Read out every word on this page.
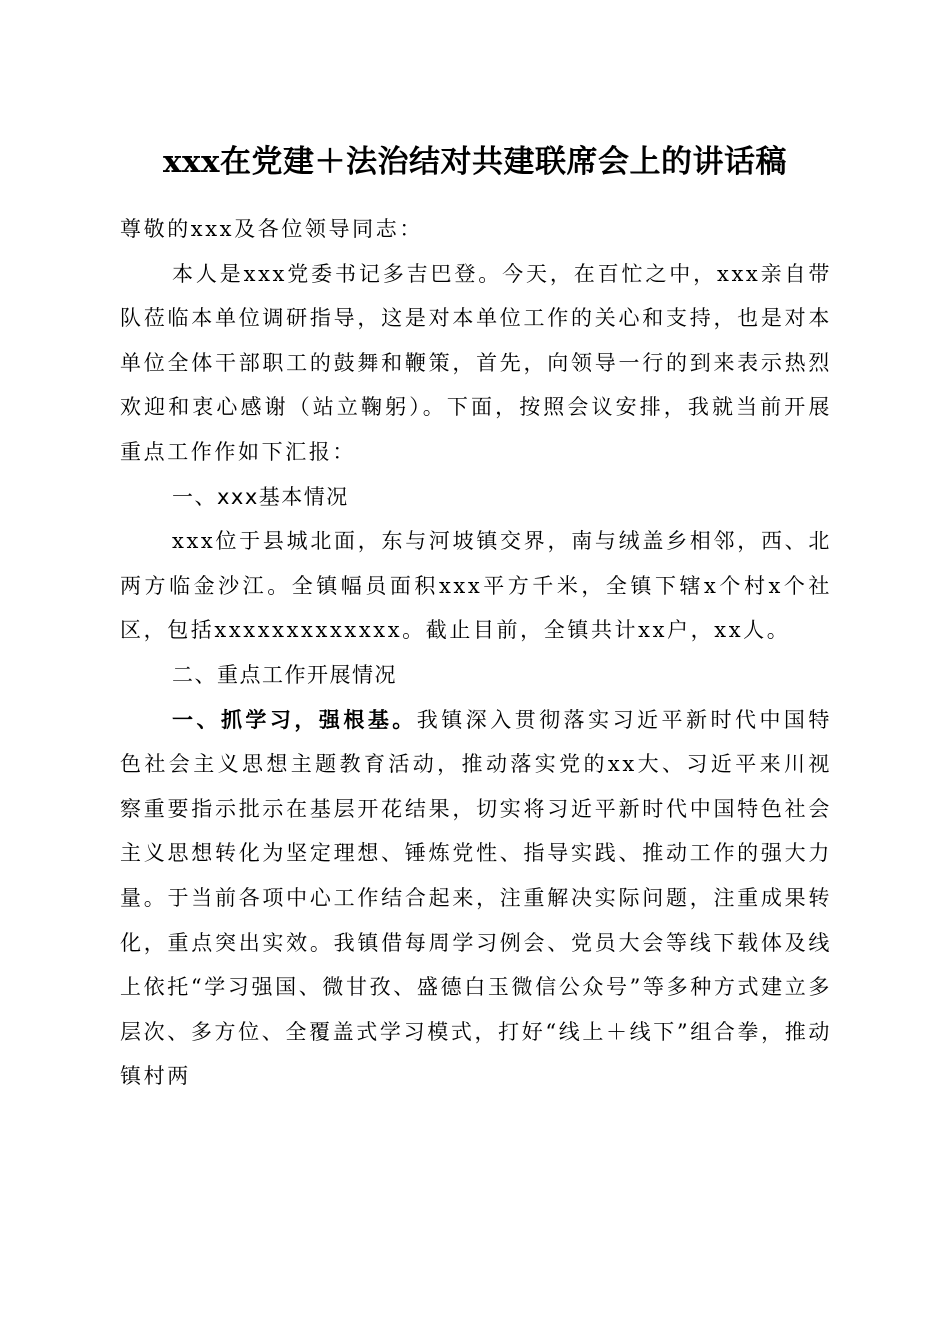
xxx在党建＋法治结对共建联席会上的讲话稿

尊敬的xxx及各位领导同志：

本人是xxx党委书记多吉巴登。今天，在百忙之中，xxx亲自带队莅临本单位调研指导，这是对本单位工作的关心和支持，也是对本单位全体干部职工的鼓舞和鞭策，首先，向领导一行的到来表示热烈欢迎和衷心感谢（站立鞠躬）。下面，按照会议安排，我就当前开展重点工作作如下汇报：

一、xxx基本情况

xxx位于县城北面，东与河坡镇交界，南与绒盖乡相邻，西、北两方临金沙江。全镇幅员面积xxx平方千米，全镇下辖x个村x个社区，包括xxxxxxxxxxxxx。截止目前，全镇共计xx户，xx人。

二、重点工作开展情况

一、抓学习，强根基。我镇深入贯彻落实习近平新时代中国特色社会主义思想主题教育活动，推动落实党的xx大、习近平来川视察重要指示批示在基层开花结果，切实将习近平新时代中国特色社会主义思想转化为坚定理想、锤炼党性、指导实践、推动工作的强大力量。于当前各项中心工作结合起来，注重解决实际问题，注重成果转化，重点突出实效。我镇借每周学习例会、党员大会等线下载体及线上依托“学习强国、微甘孜、盛德白玉微信公众号”等多种方式建立多层次、多方位、全覆盖式学习模式，打好“线上＋线下”组合拳，推动镇村两
